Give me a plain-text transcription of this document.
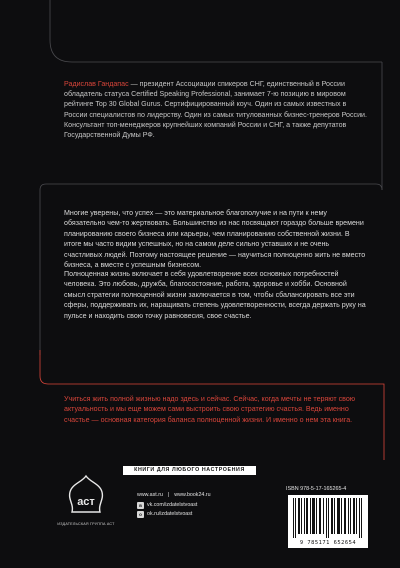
Радислав Гандапас — президент Ассоциации спикеров СНГ, единственный в России обладатель статуса Certified Speaking Professional, занимает 7-ю позицию в мировом рейтинге Top 30 Global Gurus. Сертифицированный коуч. Один из самых известных в России специалистов по лидерству. Один из самых титулованных бизнес-тренеров России. Консультант топ-менеджеров крупнейших компаний России и СНГ, а также депутатов Государственной Думы РФ.
Многие уверены, что успех — это материальное благополучие и на пути к нему обязательно чем-то жертвовать. Большинство из нас посвящают гораздо больше времени планированию своего бизнеса или карьеры, чем планированию собственной жизни. В итоге мы часто видим успешных, но на самом деле сильно уставших и не очень счастливых людей. Поэтому настоящее решение — научиться полноценно жить не вместо бизнеса, а вместе с успешным бизнесом.
Полноценная жизнь включает в себя удовлетворение всех основных потребностей человека. Это любовь, дружба, благосостояние, работа, здоровье и хобби. Основной смысл стратегии полноценной жизни заключается в том, чтобы сбалансировать все эти сферы, поддерживать их, наращивать степень удовлетворенности, всегда держать руку на пульсе и находить свою точку равновесия, свое счастье.
Учиться жить полной жизнью надо здесь и сейчас. Сейчас, когда мечты не теряют свою актуальность и мы еще можем сами выстроить свою стратегию счастья. Ведь именно счастье — основная категория баланса полноценной жизни. И именно о нем эта книга.
КНИГИ ДЛЯ ЛЮБОГО НАСТРОЕНИЯ ЗДЕСЬ
аст
ИЗДАТЕЛЬСКАЯ ГРУППА АСТ
www.ast.ru | www.book24.ru
в vk.com/izdatelstvoast
о ok.ru/izdatelstvoast
ISBN 978-5-17-165265-4
9 785171 652654
